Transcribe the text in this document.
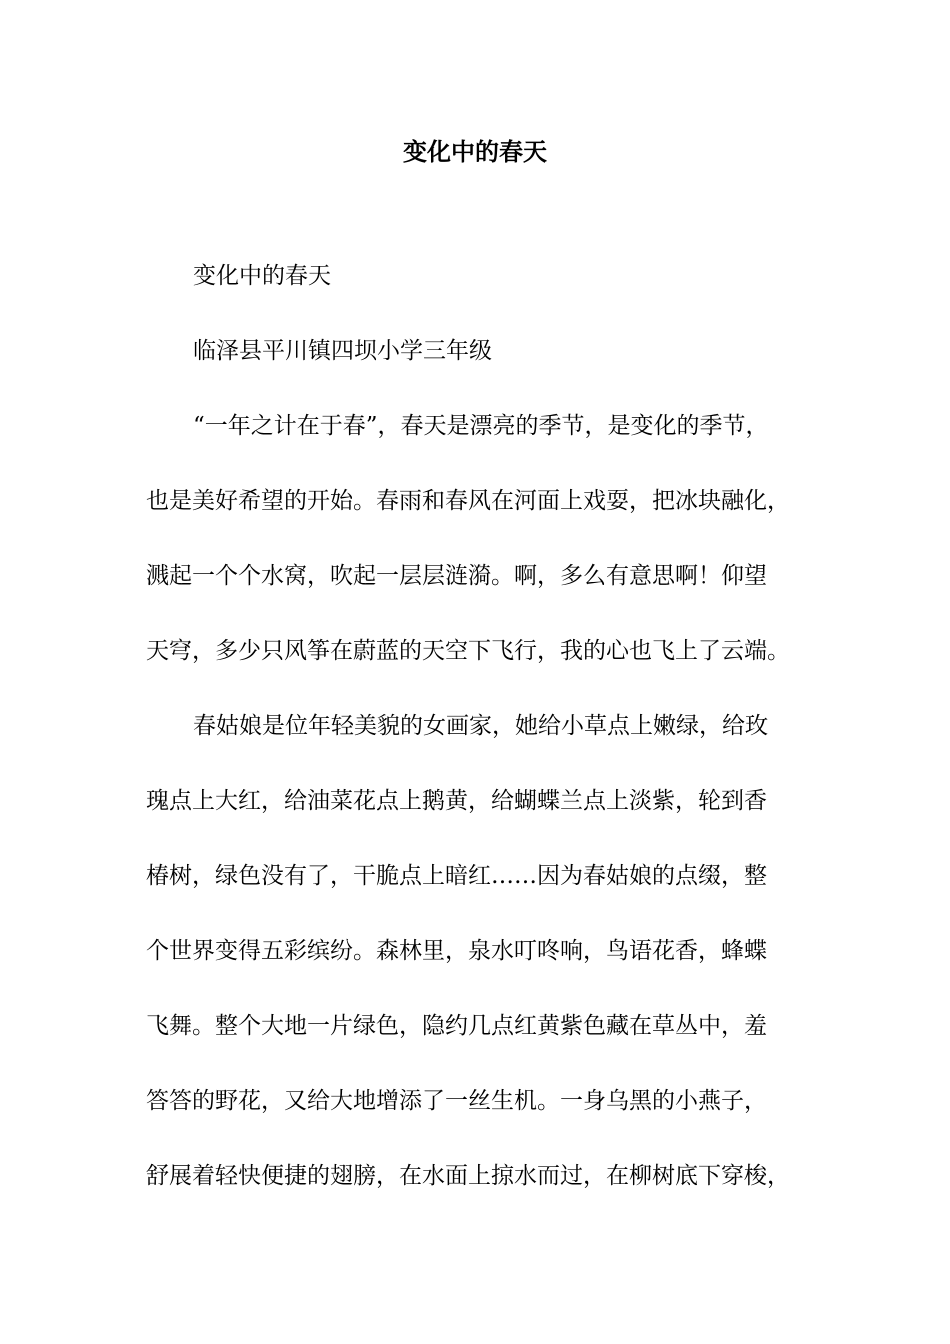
变化中的春天
变化中的春天
临泽县平川镇四坝小学三年级
“一年之计在于春”，春天是漂亮的季节，是变化的季节，
也是美好希望的开始。春雨和春风在河面上戏耍，把冰块融化，
溅起一个个水窝，吹起一层层涟漪。啊，多么有意思啊！仰望
天穹，多少只风筝在蔚蓝的天空下飞行，我的心也飞上了云端。
春姑娘是位年轻美貌的女画家，她给小草点上嫩绿，给玫
瑰点上大红，给油菜花点上鹅黄，给蝴蝶兰点上淡紫，轮到香
椿树，绿色没有了，干脆点上暗红……因为春姑娘的点缀，整
个世界变得五彩缤纷。森林里，泉水叮咚响，鸟语花香，蜂蝶
飞舞。整个大地一片绿色，隐约几点红黄紫色藏在草丛中，羞
答答的野花，又给大地增添了一丝生机。一身乌黑的小燕子，
舒展着轻快便捷的翅膀，在水面上掠水而过，在柳树底下穿梭，
